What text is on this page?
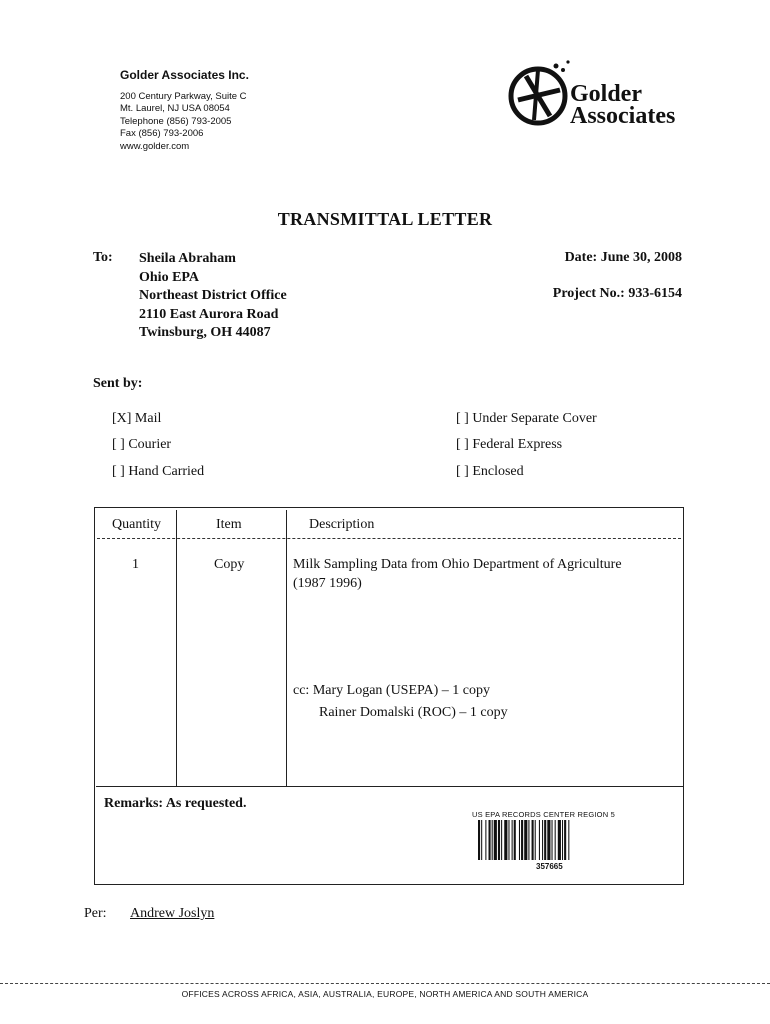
Golder Associates Inc.
200 Century Parkway, Suite C
Mt. Laurel, NJ USA 08054
Telephone (856) 793-2005
Fax (856) 793-2006
www.golder.com
Golder
Associates
TRANSMITTAL LETTER
To: Sheila Abraham
Ohio EPA
Northeast District Office
2110 East Aurora Road
Twinsburg, OH 44087
Date: June 30, 2008
Project No.: 933-6154
Sent by:
[X] Mail
[ ] Courier
[ ] Hand Carried
[ ] Under Separate Cover
[ ] Federal Express
[ ] Enclosed
Quantity	Item	Description
1	Copy	Milk Sampling Data from Ohio Department of Agriculture
(1987 1996)
cc: Mary Logan (USEPA) – 1 copy
Rainer Domalski (ROC) – 1 copy
Remarks: As requested.
US EPA RECORDS CENTER REGION 5
357665
Per: Andrew Joslyn
OFFICES ACROSS AFRICA, ASIA, AUSTRALIA, EUROPE, NORTH AMERICA AND SOUTH AMERICA
